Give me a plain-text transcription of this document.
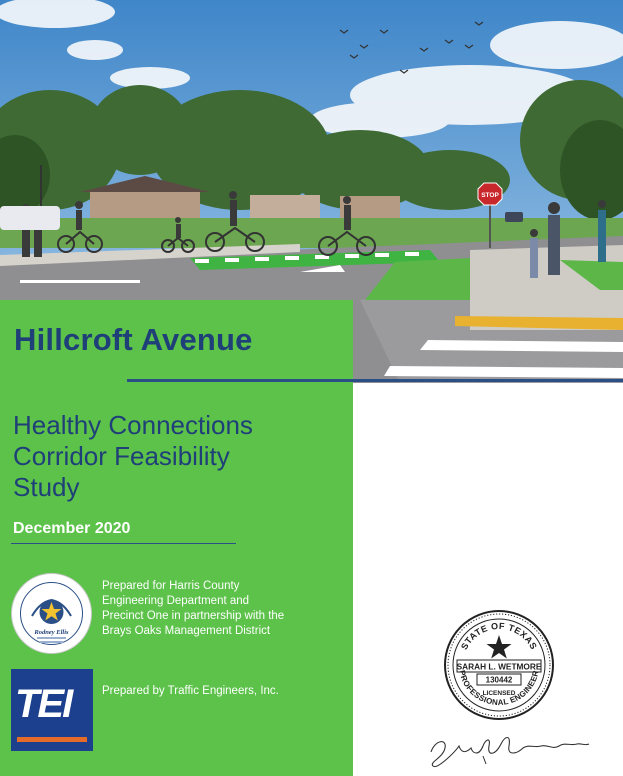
STOP
Hillcroft Avenue
Healthy Connections
Corridor Feasibility
Study
December 2020
Rodney Ellis
Prepared for Harris County
Engineering Department and
Precinct One in partnership with the
Brays Oaks Management District
TEI	Prepared by Traffic Engineers, Inc.
STATE OF TEXAS
SARAH L. WETMORE
130442
LICENSED
PROFESSIONAL ENGINEER
